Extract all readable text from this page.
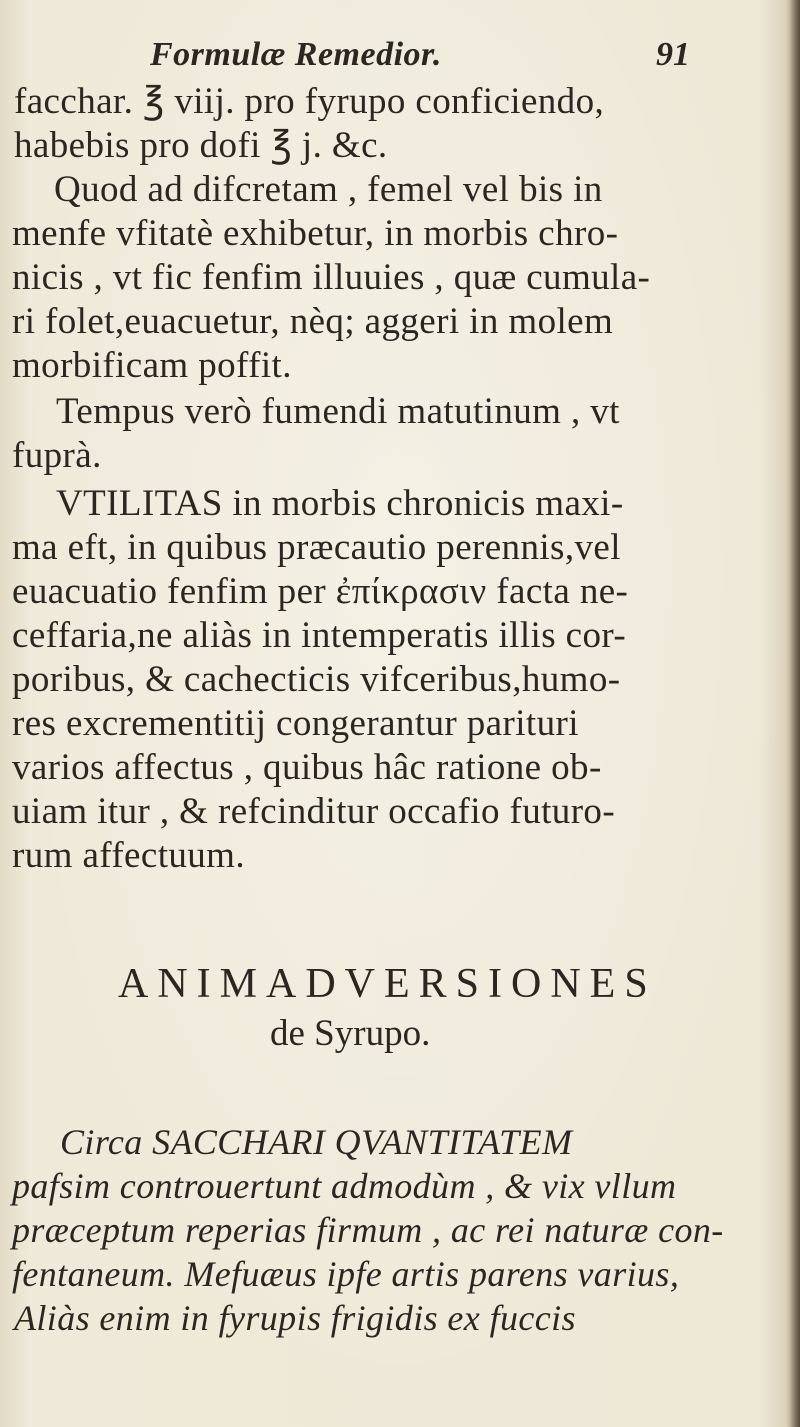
Formulæ Remedior.	91
facchar. ℥ viij. pro fyrupo conficiendo,
habebis pro dofi ℥ j. &c.
Quod ad difcretam , femel vel bis in
menfe vfitatè exhibetur, in morbis chro-
nicis , vt fic fenfim illuuies , quæ cumula-
ri folet,euacuetur, nèq; aggeri in molem
morbificam poffit.
Tempus verò fumendi matutinum , vt
fuprà.
VTILITAS in morbis chronicis maxi-
ma eft, in quibus præcautio perennis,vel
euacuatio fenfim per ἐπίκρασιν facta ne-
ceffaria,ne aliàs in intemperatis illis cor-
poribus, & cachecticis vifceribus,humo-
res excrementitij congerantur parituri
varios affectus , quibus hâc ratione ob-
uiam itur , & refcinditur occafio futuro-
rum affectuum.
ANIMADVERSIONES
de Syrupo.
Circa SACCHARI QVANTITATEM
pafsim controuertunt admodùm , & vix vllum
præceptum reperias firmum , ac rei naturæ con-
fentaneum. Mefuæus ipfe artis parens varius,
Aliàs enim in fyrupis frigidis ex fuccis
